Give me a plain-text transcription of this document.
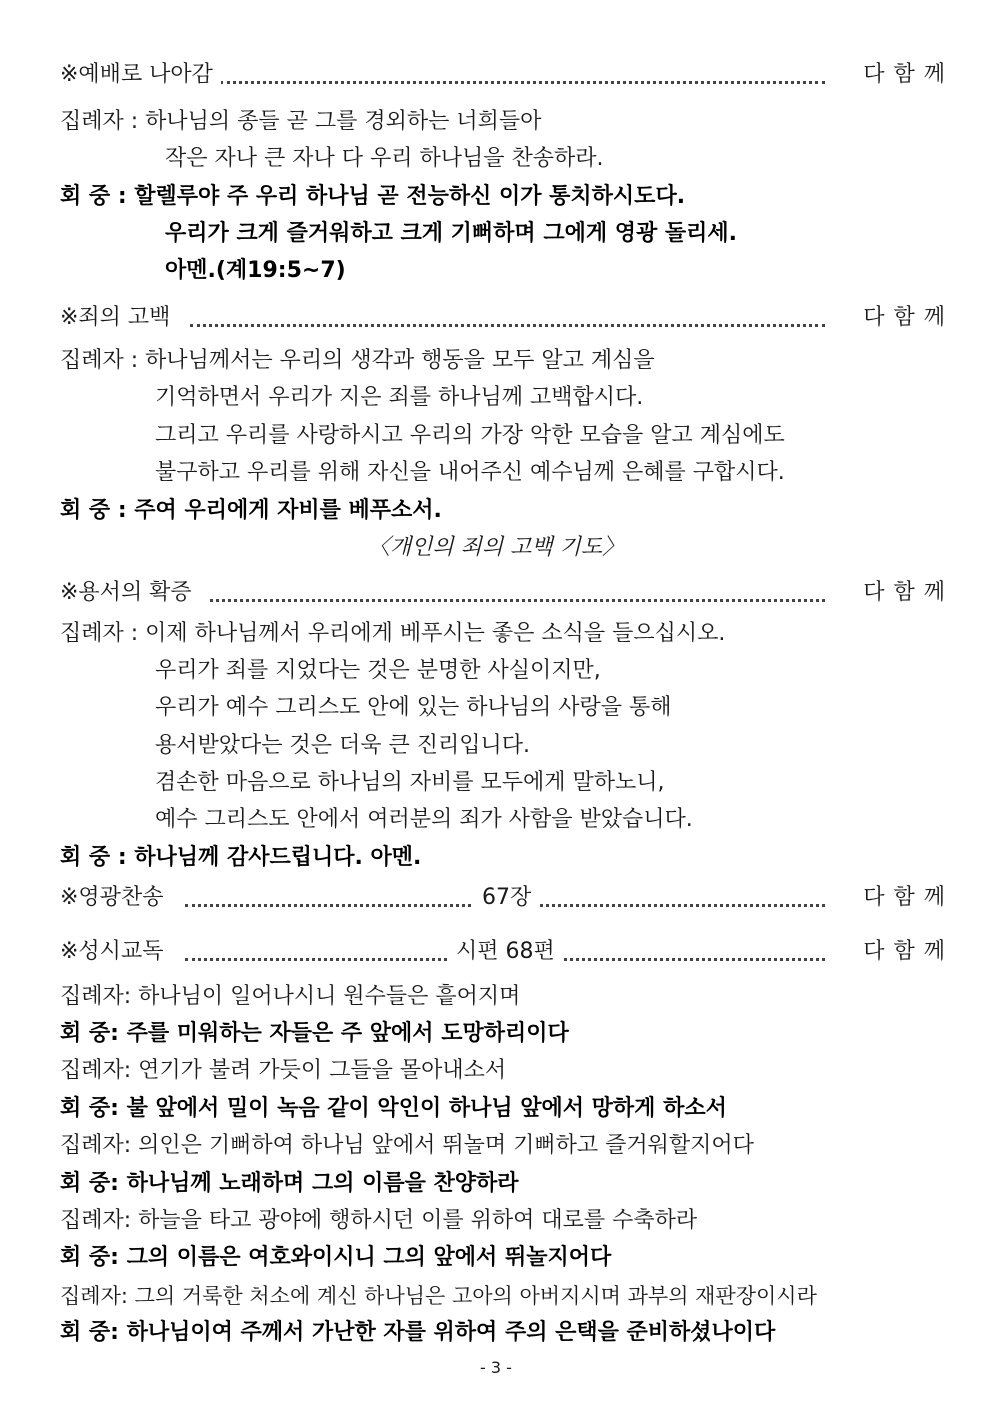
※예배로 나아감	다함께
집례자 : 하나님의 종들 곧 그를 경외하는 너희들아
작은 자나 큰 자나 다 우리 하나님을 찬송하라.
회 중 : 할렐루야 주 우리 하나님 곧 전능하신 이가 통치하시도다.
우리가 크게 즐거워하고 크게 기뻐하며 그에게 영광 돌리세.
아멘.(계19:5~7)
※죄의 고백	다함께
집례자 : 하나님께서는 우리의 생각과 행동을 모두 알고 계심을
기억하면서 우리가 지은 죄를 하나님께 고백합시다.
그리고 우리를 사랑하시고 우리의 가장 악한 모습을 알고 계심에도
불구하고 우리를 위해 자신을 내어주신 예수님께 은혜를 구합시다.
회 중 : 주여 우리에게 자비를 베푸소서.
〈개인의 죄의 고백 기도〉
※용서의 확증	다함께
집례자 : 이제 하나님께서 우리에게 베푸시는 좋은 소식을 들으십시오.
우리가 죄를 지었다는 것은 분명한 사실이지만,
우리가 예수 그리스도 안에 있는 하나님의 사랑을 통해
용서받았다는 것은 더욱 큰 진리입니다.
겸손한 마음으로 하나님의 자비를 모두에게 말하노니,
예수 그리스도 안에서 여러분의 죄가 사함을 받았습니다.
회 중 : 하나님께 감사드립니다. 아멘.
※영광찬송	67장	다함께
※성시교독	시편 68편	다함께
집례자: 하나님이 일어나시니 원수들은 흩어지며
회 중: 주를 미워하는 자들은 주 앞에서 도망하리이다
집례자: 연기가 불려 가듯이 그들을 몰아내소서
회 중: 불 앞에서 밀이 녹음 같이 악인이 하나님 앞에서 망하게 하소서
집례자: 의인은 기뻐하여 하나님 앞에서 뛰놀며 기뻐하고 즐거워할지어다
회 중: 하나님께 노래하며 그의 이름을 찬양하라
집례자: 하늘을 타고 광야에 행하시던 이를 위하여 대로를 수축하라
회 중: 그의 이름은 여호와이시니 그의 앞에서 뛰놀지어다
집례자: 그의 거룩한 처소에 계신 하나님은 고아의 아버지시며 과부의 재판장이시라
회 중: 하나님이여 주께서 가난한 자를 위하여 주의 은택을 준비하셨나이다
- 3 -
